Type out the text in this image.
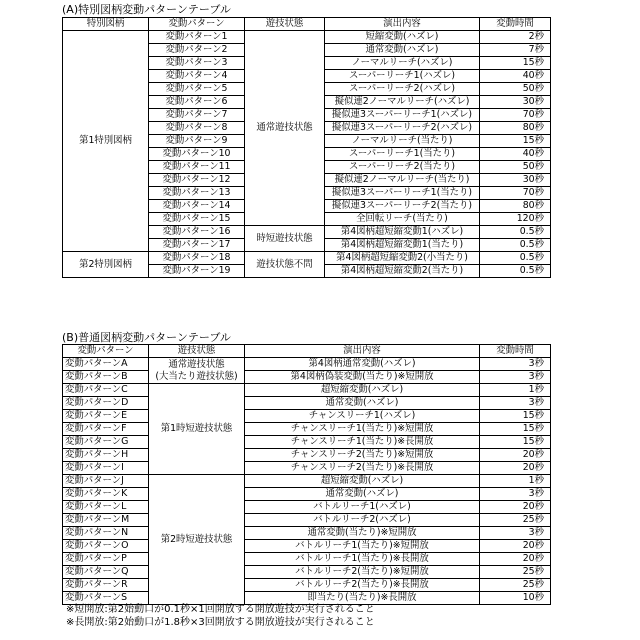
(A)特別図柄変動パターンテーブル
特別図柄	変動パターン	遊技状態	演出内容	変動時間
第1特別図柄	変動パターン1	通常遊技状態	短縮変動(ハズレ)	2秒
変動パターン2	通常変動(ハズレ)	7秒
変動パターン3	ノーマルリーチ(ハズレ)	15秒
変動パターン4	スーパーリーチ1(ハズレ)	40秒
変動パターン5	スーパーリーチ2(ハズレ)	50秒
変動パターン6	擬似連2ノーマルリーチ(ハズレ)	30秒
変動パターン7	擬似連3スーパーリーチ1(ハズレ)	70秒
変動パターン8	擬似連3スーパーリーチ2(ハズレ)	80秒
変動パターン9	ノーマルリーチ(当たり)	15秒
変動パターン10	スーパーリーチ1(当たり)	40秒
変動パターン11	スーパーリーチ2(当たり)	50秒
変動パターン12	擬似連2ノーマルリーチ(当たり)	30秒
変動パターン13	擬似連3スーパーリーチ1(当たり)	70秒
変動パターン14	擬似連3スーパーリーチ2(当たり)	80秒
変動パターン15	全回転リーチ(当たり)	120秒
変動パターン16	時短遊技状態	第4図柄超短縮変動1(ハズレ)	0.5秒
変動パターン17	第4図柄超短縮変動1(当たり)	0.5秒
第2特別図柄	変動パターン18	遊技状態不問	第4図柄超短縮変動2(小当たり)	0.5秒
変動パターン19	第4図柄超短縮変動2(当たり)	0.5秒
(B)普通図柄変動パターンテーブル
変動パターン	遊技状態	演出内容	変動時間
変動パターンA	通常遊技状態
(大当たり遊技状態)
	第4図柄通常変動(ハズレ)	3秒
変動パターンB	第4図柄偽装変動(当たり)※短開放	3秒
変動パターンC	第1時短遊技状態	超短縮変動(ハズレ)	1秒
変動パターンD	通常変動(ハズレ)	3秒
変動パターンE	チャンスリーチ1(ハズレ)	15秒
変動パターンF	チャンスリーチ1(当たり)※短開放	15秒
変動パターンG	チャンスリーチ1(当たり)※長開放	15秒
変動パターンH	チャンスリーチ2(当たり)※短開放	20秒
変動パターンI	チャンスリーチ2(当たり)※長開放	20秒
変動パターンJ	第2時短遊技状態	超短縮変動(ハズレ)	1秒
変動パターンK	通常変動(ハズレ)	3秒
変動パターンL	バトルリーチ1(ハズレ)	20秒
変動パターンM	バトルリーチ2(ハズレ)	25秒
変動パターンN	通常変動(当たり)※短開放	3秒
変動パターンO	バトルリーチ1(当たり)※短開放	20秒
変動パターンP	バトルリーチ1(当たり)※長開放	20秒
変動パターンQ	バトルリーチ2(当たり)※短開放	25秒
変動パターンR	バトルリーチ2(当たり)※長開放	25秒
変動パターンS	即当たり(当たり)※長開放	10秒
※短開放:第2始動口が0.1秒×1回開放する開放遊技が実行されること
※長開放:第2始動口が1.8秒×3回開放する開放遊技が実行されること
